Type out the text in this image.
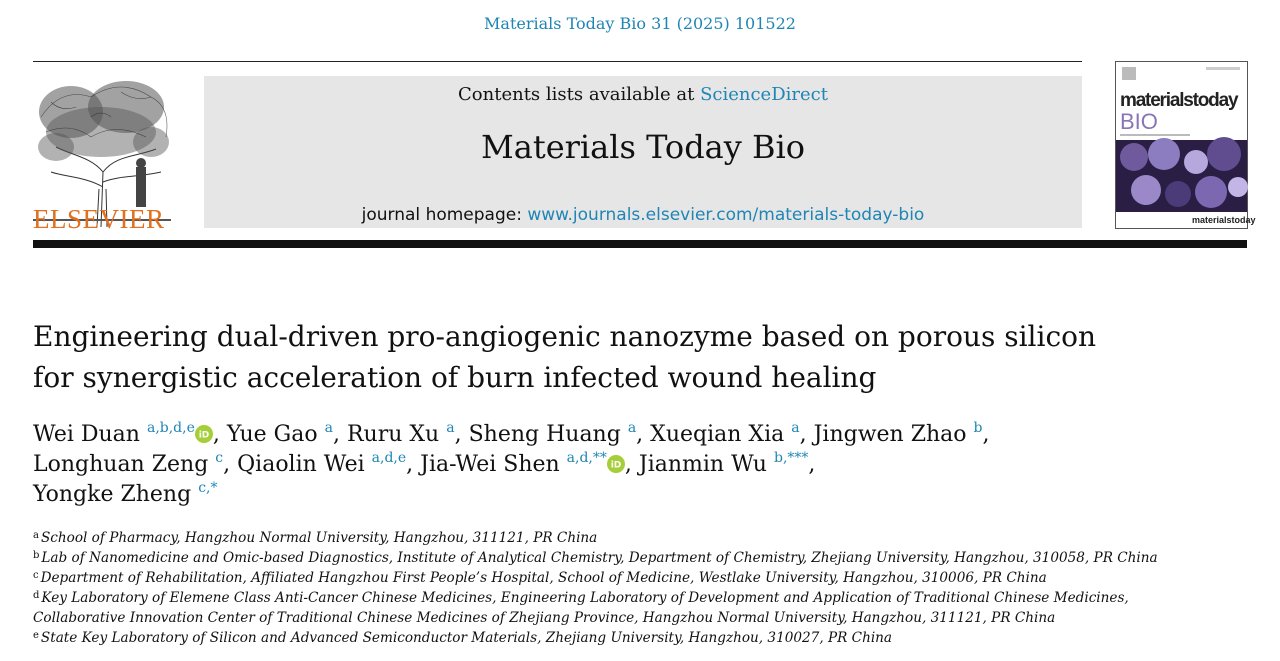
Materials Today Bio 31 (2025) 101522
ELSEVIER
Contents lists available at ScienceDirect
Materials Today Bio
journal homepage: www.journals.elsevier.com/materials-today-bio
materialstoday
BIO
materialstoday
Engineering dual-driven pro-angiogenic nanozyme based on porous silicon
for synergistic acceleration of burn infected wound healing
Wei Duan $^{a,b,d,e}$ iD , Yue Gao $^a$, Ruru Xu $^a$, Sheng Huang $^a$, Xueqian Xia $^a$, Jingwen Zhao $^b$,
Longhuan Zeng $^c$, Qiaolin Wei $^{a,d,e}$, Jia-Wei Shen $^{a,d,**}$ iD , Jianmin Wu $^{b,***}$,
Yongke Zheng $^{c,*}$
$^a$ School of Pharmacy, Hangzhou Normal University, Hangzhou, 311121, PR China
$^b$ Lab of Nanomedicine and Omic-based Diagnostics, Institute of Analytical Chemistry, Department of Chemistry, Zhejiang University, Hangzhou, 310058, PR China
$^c$ Department of Rehabilitation, Affiliated Hangzhou First People’s Hospital, School of Medicine, Westlake University, Hangzhou, 310006, PR China
$^d$ Key Laboratory of Elemene Class Anti-Cancer Chinese Medicines, Engineering Laboratory of Development and Application of Traditional Chinese Medicines,
Collaborative Innovation Center of Traditional Chinese Medicines of Zhejiang Province, Hangzhou Normal University, Hangzhou, 311121, PR China
$^e$ State Key Laboratory of Silicon and Advanced Semiconductor Materials, Zhejiang University, Hangzhou, 310027, PR China
